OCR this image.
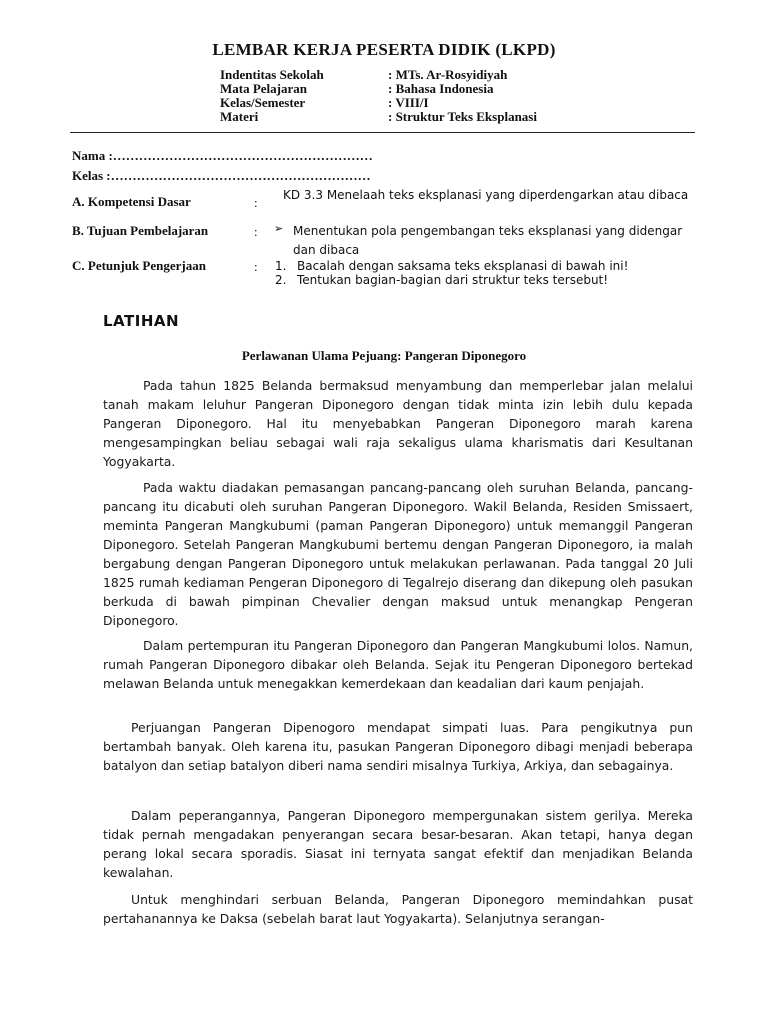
LEMBAR KERJA PESERTA DIDIK (LKPD)
Indentitas Sekolah	: MTs. Ar-Rosyidiyah
Mata Pelajaran	: Bahasa Indonesia
Kelas/Semester	: VIII/I
Materi	: Struktur Teks Eksplanasi
Nama :……………………………………………………
Kelas :……………………………………………………
A. Kompetensi Dasar	: KD 3.3 Menelaah teks eksplanasi yang diperdengarkan atau dibaca
B. Tujuan Pembelajaran	: ➢ Menentukan pola pengembangan teks eksplanasi yang didengar dan dibaca
C. Petunjuk Pengerjaan	: 1. Bacalah dengan saksama teks eksplanasi di bawah ini!
2. Tentukan bagian-bagian dari struktur teks tersebut!
LATIHAN
Perlawanan Ulama Pejuang: Pangeran Diponegoro

Pada tahun 1825 Belanda bermaksud menyambung dan memperlebar jalan melalui tanah makam leluhur Pangeran Diponegoro dengan tidak minta izin lebih dulu kepada Pangeran Diponegoro. Hal itu menyebabkan Pangeran Diponegoro marah karena mengesampingkan beliau sebagai wali raja sekaligus ulama kharismatis dari Kesultanan Yogyakarta.

Pada waktu diadakan pemasangan pancang-pancang oleh suruhan Belanda, pancang-pancang itu dicabuti oleh suruhan Pangeran Diponegoro. Wakil Belanda, Residen Smissaert, meminta Pangeran Mangkubumi (paman Pangeran Diponegoro) untuk memanggil Pangeran Diponegoro. Setelah Pangeran Mangkubumi bertemu dengan Pangeran Diponegoro, ia malah bergabung dengan Pangeran Diponegoro untuk melakukan perlawanan. Pada tanggal 20 Juli 1825 rumah kediaman Pengeran Diponegoro di Tegalrejo diserang dan dikepung oleh pasukan berkuda di bawah pimpinan Chevalier dengan maksud untuk menangkap Pengeran Diponegoro.

Dalam pertempuran itu Pangeran Diponegoro dan Pangeran Mangkubumi lolos. Namun, rumah Pangeran Diponegoro dibakar oleh Belanda. Sejak itu Pengeran Diponegoro bertekad melawan Belanda untuk menegakkan kemerdekaan dan keadalian dari kaum penjajah.

Perjuangan Pangeran Dipenogoro mendapat simpati luas. Para pengikutnya pun bertambah banyak. Oleh karena itu, pasukan Pangeran Diponegoro dibagi menjadi beberapa batalyon dan setiap batalyon diberi nama sendiri misalnya Turkiya, Arkiya, dan sebagainya.

Dalam peperangannya, Pangeran Diponegoro mempergunakan sistem gerilya. Mereka tidak pernah mengadakan penyerangan secara besar-besaran. Akan tetapi, hanya degan perang lokal secara sporadis. Siasat ini ternyata sangat efektif dan menjadikan Belanda kewalahan.

Untuk menghindari serbuan Belanda, Pangeran Diponegoro memindahkan pusat pertahanannya ke Daksa (sebelah barat laut Yogyakarta). Selanjutnya serangan-
